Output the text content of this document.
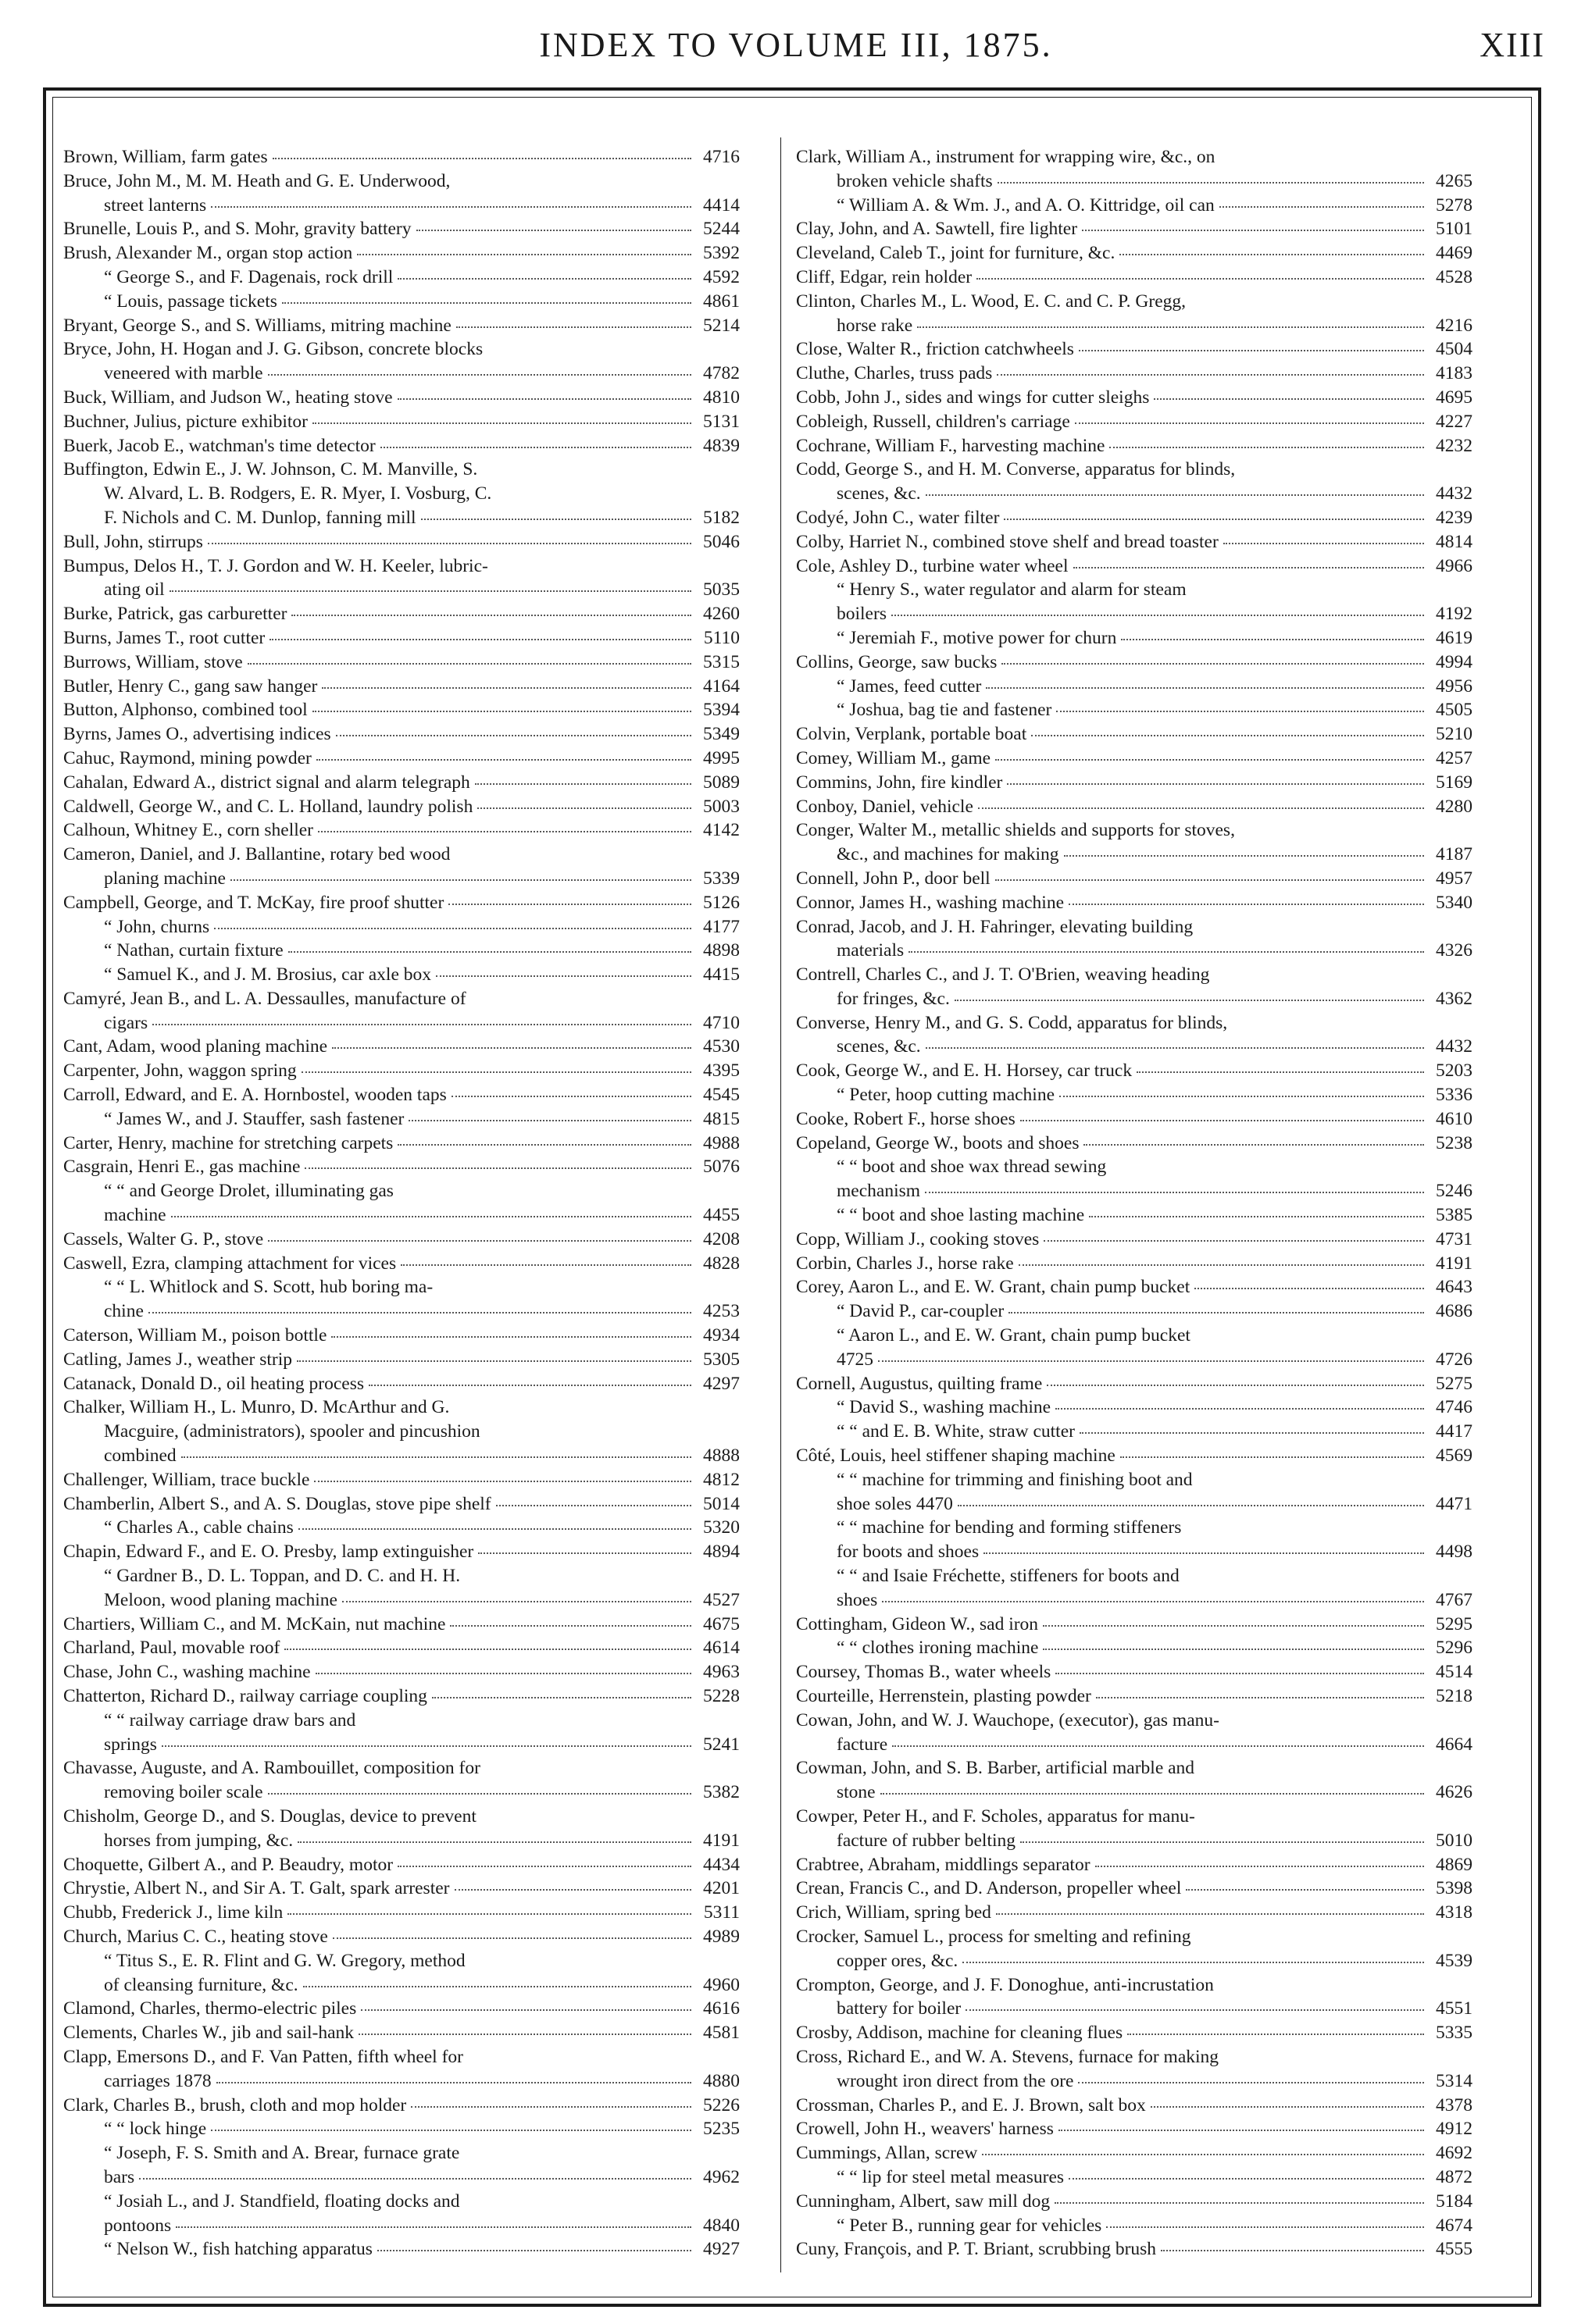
INDEX TO VOLUME III, 1875.	XIII
Brown, William, farm gates	4716
Bruce, John M., M. M. Heath and G. E. Underwood,
street lanterns	4414
Brunelle, Louis P., and S. Mohr, gravity battery	5244
Brush, Alexander M., organ stop action	5392
“ George S., and F. Dagenais, rock drill	4592
“ Louis, passage tickets	4861
Bryant, George S., and S. Williams, mitring machine	5214
Bryce, John, H. Hogan and J. G. Gibson, concrete blocks
veneered with marble	4782
Buck, William, and Judson W., heating stove	4810
Buchner, Julius, picture exhibitor	5131
Buerk, Jacob E., watchman's time detector	4839
Buffington, Edwin E., J. W. Johnson, C. M. Manville, S.
W. Alvard, L. B. Rodgers, E. R. Myer, I. Vosburg, C.
F. Nichols and C. M. Dunlop, fanning mill	5182
Bull, John, stirrups	5046
Bumpus, Delos H., T. J. Gordon and W. H. Keeler, lubric-
ating oil	5035
Burke, Patrick, gas carburetter	4260
Burns, James T., root cutter	5110
Burrows, William, stove	5315
Butler, Henry C., gang saw hanger	4164
Button, Alphonso, combined tool	5394
Byrns, James O., advertising indices	5349
Cahuc, Raymond, mining powder	4995
Cahalan, Edward A., district signal and alarm telegraph	5089
Caldwell, George W., and C. L. Holland, laundry polish	5003
Calhoun, Whitney E., corn sheller	4142
Cameron, Daniel, and J. Ballantine, rotary bed wood
planing machine	5339
Campbell, George, and T. McKay, fire proof shutter	5126
“ John, churns	4177
“ Nathan, curtain fixture	4898
“ Samuel K., and J. M. Brosius, car axle box	4415
Camyré, Jean B., and L. A. Dessaulles, manufacture of
cigars	4710
Cant, Adam, wood planing machine	4530
Carpenter, John, waggon spring	4395
Carroll, Edward, and E. A. Hornbostel, wooden taps	4545
“ James W., and J. Stauffer, sash fastener	4815
Carter, Henry, machine for stretching carpets	4988
Casgrain, Henri E., gas machine	5076
“ “ and George Drolet, illuminating gas
machine	4455
Cassels, Walter G. P., stove	4208
Caswell, Ezra, clamping attachment for vices	4828
“ “ L. Whitlock and S. Scott, hub boring ma-
chine	4253
Caterson, William M., poison bottle	4934
Catling, James J., weather strip	5305
Catanack, Donald D., oil heating process	4297
Chalker, William H., L. Munro, D. McArthur and G.
Macguire, (administrators), spooler and pincushion
combined	4888
Challenger, William, trace buckle	4812
Chamberlin, Albert S., and A. S. Douglas, stove pipe shelf	5014
“ Charles A., cable chains	5320
Chapin, Edward F., and E. O. Presby, lamp extinguisher	4894
“ Gardner B., D. L. Toppan, and D. C. and H. H.
Meloon, wood planing machine	4527
Chartiers, William C., and M. McKain, nut machine	4675
Charland, Paul, movable roof	4614
Chase, John C., washing machine	4963
Chatterton, Richard D., railway carriage coupling	5228
“ “ railway carriage draw bars and
springs	5241
Chavasse, Auguste, and A. Rambouillet, composition for
removing boiler scale	5382
Chisholm, George D., and S. Douglas, device to prevent
horses from jumping, &c.	4191
Choquette, Gilbert A., and P. Beaudry, motor	4434
Chrystie, Albert N., and Sir A. T. Galt, spark arrester	4201
Chubb, Frederick J., lime kiln	5311
Church, Marius C. C., heating stove	4989
“ Titus S., E. R. Flint and G. W. Gregory, method
of cleansing furniture, &c.	4960
Clamond, Charles, thermo-electric piles	4616
Clements, Charles W., jib and sail-hank	4581
Clapp, Emersons D., and F. Van Patten, fifth wheel for
carriages 1878	4880
Clark, Charles B., brush, cloth and mop holder	5226
“ “ lock hinge	5235
“ Joseph, F. S. Smith and A. Brear, furnace grate
bars	4962
“ Josiah L., and J. Standfield, floating docks and
pontoons	4840
“ Nelson W., fish hatching apparatus	4927
Clark, William A., instrument for wrapping wire, &c., on
broken vehicle shafts	4265
“ William A. & Wm. J., and A. O. Kittridge, oil can	5278
Clay, John, and A. Sawtell, fire lighter	5101
Cleveland, Caleb T., joint for furniture, &c.	4469
Cliff, Edgar, rein holder	4528
Clinton, Charles M., L. Wood, E. C. and C. P. Gregg,
horse rake	4216
Close, Walter R., friction catchwheels	4504
Cluthe, Charles, truss pads	4183
Cobb, John J., sides and wings for cutter sleighs	4695
Cobleigh, Russell, children's carriage	4227
Cochrane, William F., harvesting machine	4232
Codd, George S., and H. M. Converse, apparatus for blinds,
scenes, &c.	4432
Codyé, John C., water filter	4239
Colby, Harriet N., combined stove shelf and bread toaster	4814
Cole, Ashley D., turbine water wheel	4966
“ Henry S., water regulator and alarm for steam
boilers	4192
“ Jeremiah F., motive power for churn	4619
Collins, George, saw bucks	4994
“ James, feed cutter	4956
“ Joshua, bag tie and fastener	4505
Colvin, Verplank, portable boat	5210
Comey, William M., game	4257
Commins, John, fire kindler	5169
Conboy, Daniel, vehicle	4280
Conger, Walter M., metallic shields and supports for stoves,
&c., and machines for making	4187
Connell, John P., door bell	4957
Connor, James H., washing machine	5340
Conrad, Jacob, and J. H. Fahringer, elevating building
materials	4326
Contrell, Charles C., and J. T. O'Brien, weaving heading
for fringes, &c.	4362
Converse, Henry M., and G. S. Codd, apparatus for blinds,
scenes, &c.	4432
Cook, George W., and E. H. Horsey, car truck	5203
“ Peter, hoop cutting machine	5336
Cooke, Robert F., horse shoes	4610
Copeland, George W., boots and shoes	5238
“ “ boot and shoe wax thread sewing
mechanism	5246
“ “ boot and shoe lasting machine	5385
Copp, William J., cooking stoves	4731
Corbin, Charles J., horse rake	4191
Corey, Aaron L., and E. W. Grant, chain pump bucket	4643
“ David P., car-coupler	4686
“ Aaron L., and E. W. Grant, chain pump bucket
4725	4726
Cornell, Augustus, quilting frame	5275
“ David S., washing machine	4746
“ “ and E. B. White, straw cutter	4417
Côté, Louis, heel stiffener shaping machine	4569
“ “ machine for trimming and finishing boot and
shoe soles 4470	4471
“ “ machine for bending and forming stiffeners
for boots and shoes	4498
“ “ and Isaie Fréchette, stiffeners for boots and
shoes	4767
Cottingham, Gideon W., sad iron	5295
“ “ clothes ironing machine	5296
Coursey, Thomas B., water wheels	4514
Courteille, Herrenstein, plasting powder	5218
Cowan, John, and W. J. Wauchope, (executor), gas manu-
facture	4664
Cowman, John, and S. B. Barber, artificial marble and
stone	4626
Cowper, Peter H., and F. Scholes, apparatus for manu-
facture of rubber belting	5010
Crabtree, Abraham, middlings separator	4869
Crean, Francis C., and D. Anderson, propeller wheel	5398
Crich, William, spring bed	4318
Crocker, Samuel L., process for smelting and refining
copper ores, &c.	4539
Crompton, George, and J. F. Donoghue, anti-incrustation
battery for boiler	4551
Crosby, Addison, machine for cleaning flues	5335
Cross, Richard E., and W. A. Stevens, furnace for making
wrought iron direct from the ore	5314
Crossman, Charles P., and E. J. Brown, salt box	4378
Crowell, John H., weavers' harness	4912
Cummings, Allan, screw	4692
“ “ lip for steel metal measures	4872
Cunningham, Albert, saw mill dog	5184
“ Peter B., running gear for vehicles	4674
Cuny, François, and P. T. Briant, scrubbing brush	4555
